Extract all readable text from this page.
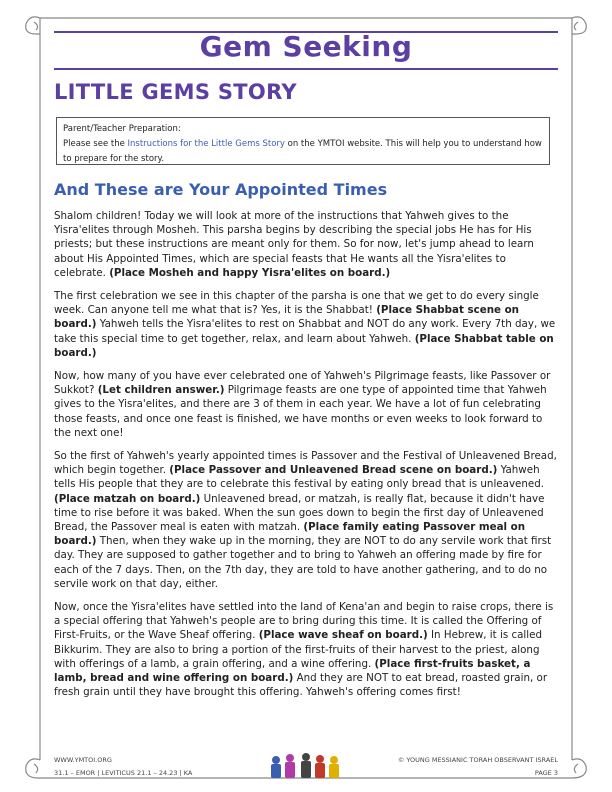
Gem Seeking
LITTLE GEMS STORY
Parent/Teacher Preparation:
Please see the Instructions for the Little Gems Story on the YMTOI website. This will help you to understand how to prepare for the story.
And These are Your Appointed Times

Shalom children! Today we will look at more of the instructions that Yahweh gives to the Yisra'elites through Mosheh. This parsha begins by describing the special jobs He has for His priests; but these instructions are meant only for them. So for now, let's jump ahead to learn about His Appointed Times, which are special feasts that He wants all the Yisra'elites to celebrate. (Place Mosheh and happy Yisra'elites on board.)

The first celebration we see in this chapter of the parsha is one that we get to do every single week. Can anyone tell me what that is? Yes, it is the Shabbat! (Place Shabbat scene on board.) Yahweh tells the Yisra'elites to rest on Shabbat and NOT do any work. Every 7th day, we take this special time to get together, relax, and learn about Yahweh. (Place Shabbat table on board.)

Now, how many of you have ever celebrated one of Yahweh's Pilgrimage feasts, like Passover or Sukkot? (Let children answer.) Pilgrimage feasts are one type of appointed time that Yahweh gives to the Yisra'elites, and there are 3 of them in each year. We have a lot of fun celebrating those feasts, and once one feast is finished, we have months or even weeks to look forward to the next one!

So the first of Yahweh's yearly appointed times is Passover and the Festival of Unleavened Bread, which begin together. (Place Passover and Unleavened Bread scene on board.) Yahweh tells His people that they are to celebrate this festival by eating only bread that is unleavened. (Place matzah on board.) Unleavened bread, or matzah, is really flat, because it didn't have time to rise before it was baked. When the sun goes down to begin the first day of Unleavened Bread, the Passover meal is eaten with matzah. (Place family eating Passover meal on board.) Then, when they wake up in the morning, they are NOT to do any servile work that first day. They are supposed to gather together and to bring to Yahweh an offering made by fire for each of the 7 days. Then, on the 7th day, they are told to have another gathering, and to do no servile work on that day, either.

Now, once the Yisra'elites have settled into the land of Kena'an and begin to raise crops, there is a special offering that Yahweh's people are to bring during this time. It is called the Offering of First-Fruits, or the Wave Sheaf offering. (Place wave sheaf on board.) In Hebrew, it is called Bikkurim. They are also to bring a portion of the first-fruits of their harvest to the priest, along with offerings of a lamb, a grain offering, and a wine offering. (Place first-fruits basket, a lamb, bread and wine offering on board.) And they are NOT to eat bread, roasted grain, or fresh grain until they have brought this offering. Yahweh's offering comes first!

WWW.YMTOI.ORG
31.1 – EMOR | LEVITICUS 21.1 – 24.23 | KA
© YOUNG MESSIANIC TORAH OBSERVANT ISRAEL
PAGE 3
